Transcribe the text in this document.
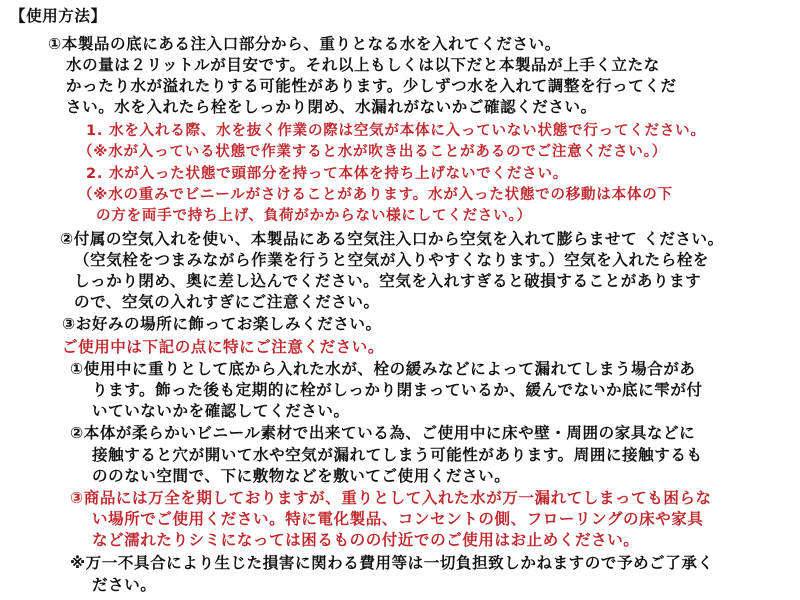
【使用方法】
①本製品の底にある注入口部分から、重りとなる水を入れてください。
水の量は２リットルが目安です。それ以上もしくは以下だと本製品が上手く立たな
かったり水が溢れたりする可能性があります。少しずつ水を入れて調整を行ってくだ
さい。水を入れたら栓をしっかり閉め、水漏れがないかご確認ください。
1. 水を入れる際、水を抜く作業の際は空気が本体に入っていない状態で行ってください。
（※水が入っている状態で作業すると水が吹き出ることがあるのでご注意ください。）
2. 水が入った状態で頭部分を持って本体を持ち上げないでください。
（※水の重みでビニールがさけることがあります。水が入った状態での移動は本体の下
の方を両手で持ち上げ、負荷がかからない様にしてください。）
②付属の空気入れを使い、本製品にある空気注入口から空気を入れて膨らませて ください。
（空気栓をつまみながら作業を行うと空気が入りやすくなります。）空気を入れたら栓を
しっかり閉め、奥に差し込んでください。空気を入れすぎると破損することがあります
ので、空気の入れすぎにご注意ください。
③お好みの場所に飾ってお楽しみください。
ご使用中は下記の点に特にご注意ください。
①使用中に重りとして底から入れた水が、栓の緩みなどによって漏れてしまう場合があ
ります。飾った後も定期的に栓がしっかり閉まっているか、緩んでないか底に雫が付
いていないかを確認してください。
②本体が柔らかいビニール素材で出来ている為、ご使用中に床や壁・周囲の家具などに
接触すると穴が開いて水や空気が漏れてしまう可能性があります。周囲に接触するも
ののない空間で、下に敷物などを敷いてご使用ください。
③商品には万全を期しておりますが、重りとして入れた水が万一漏れてしまっても困らな
い場所でご使用ください。特に電化製品、コンセントの側、フローリングの床や家具
など濡れたりシミになっては困るものの付近でのご使用はお止めください。
※万一不具合により生じた損害に関わる費用等は一切負担致しかねますので予めご了承く
ださい。
